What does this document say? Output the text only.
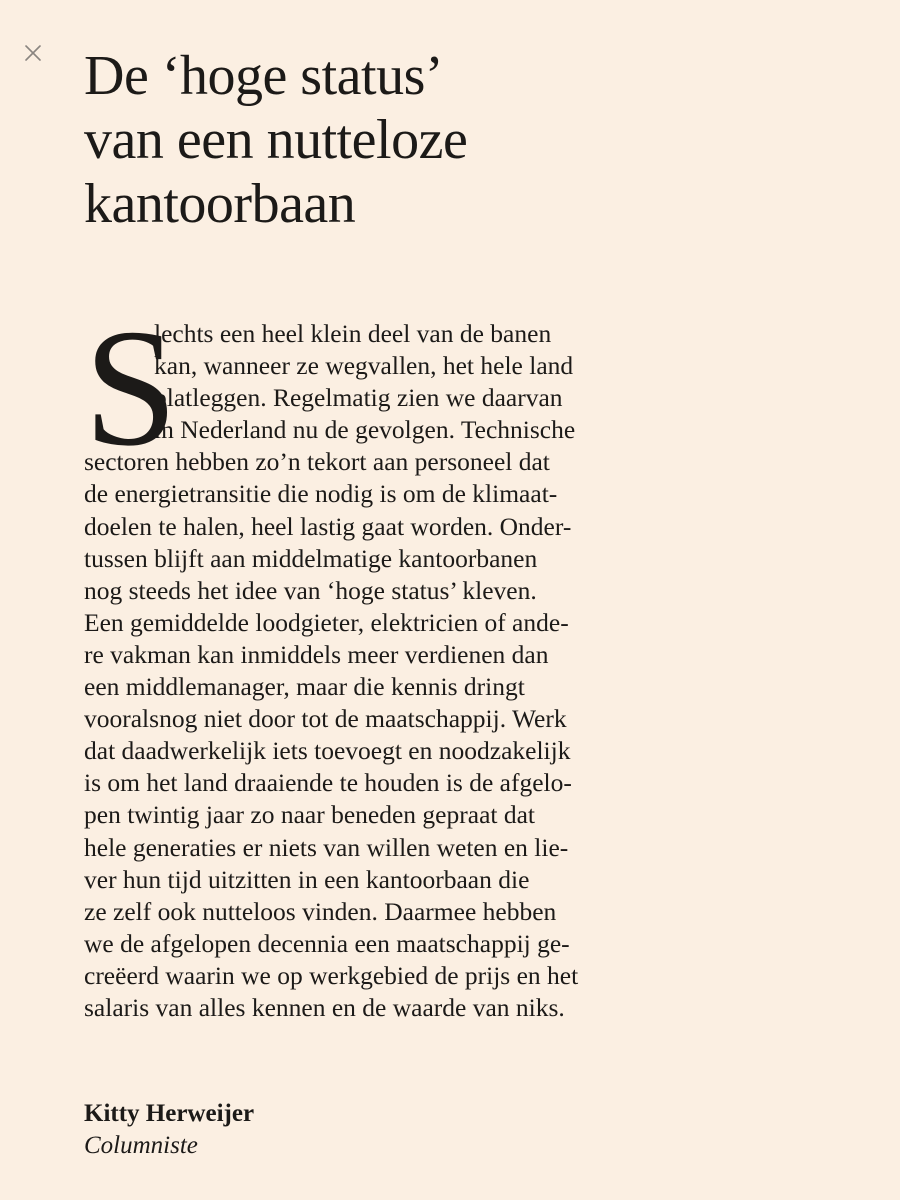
De ‘hoge status’
van een nutteloze
kantoorbaan
S
lechts een heel klein deel van de banen
kan, wanneer ze wegvallen, het hele land
platleggen. Regelmatig zien we daarvan
in Nederland nu de gevolgen. Technische
sectoren hebben zo’n tekort aan personeel dat
de energietransitie die nodig is om de klimaat-
doelen te halen, heel lastig gaat worden. Onder-
tussen blijft aan middelmatige kantoorbanen
nog steeds het idee van ‘hoge status’ kleven.
Een gemiddelde loodgieter, elektricien of ande-
re vakman kan inmiddels meer verdienen dan
een middlemanager, maar die kennis dringt
vooralsnog niet door tot de maatschappij. Werk
dat daadwerkelijk iets toevoegt en noodzakelijk
is om het land draaiende te houden is de afgelo-
pen twintig jaar zo naar beneden gepraat dat
hele generaties er niets van willen weten en lie-
ver hun tijd uitzitten in een kantoorbaan die
ze zelf ook nutteloos vinden. Daarmee hebben
we de afgelopen decennia een maatschappij ge-
creëerd waarin we op werkgebied de prijs en het
salaris van alles kennen en de waarde van niks.
Kitty Herweijer
Columniste
